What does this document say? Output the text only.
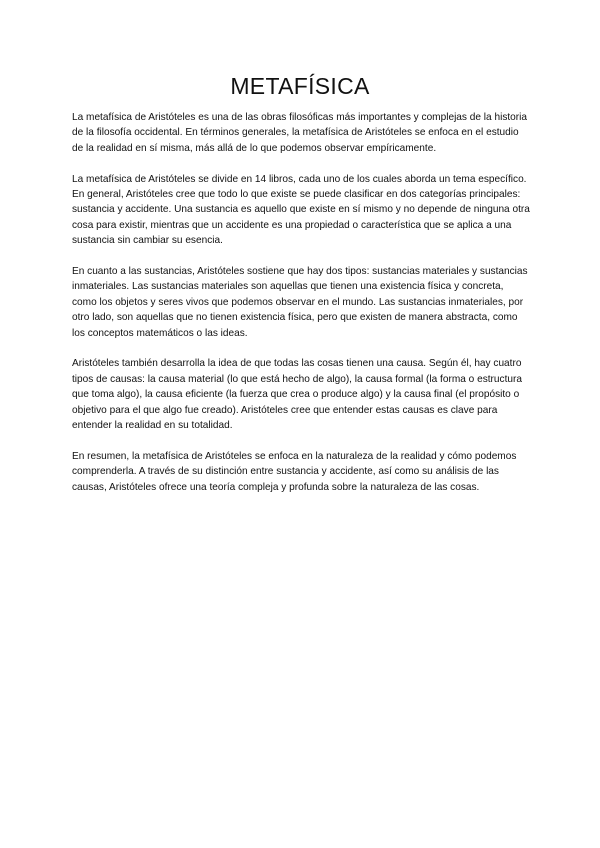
METAFÍSICA

La metafísica de Aristóteles es una de las obras filosóficas más importantes y complejas de la historia de la filosofía occidental. En términos generales, la metafísica de Aristóteles se enfoca en el estudio de la realidad en sí misma, más allá de lo que podemos observar empíricamente.

La metafísica de Aristóteles se divide en 14 libros, cada uno de los cuales aborda un tema específico. En general, Aristóteles cree que todo lo que existe se puede clasificar en dos categorías principales: sustancia y accidente. Una sustancia es aquello que existe en sí mismo y no depende de ninguna otra cosa para existir, mientras que un accidente es una propiedad o característica que se aplica a una sustancia sin cambiar su esencia.

En cuanto a las sustancias, Aristóteles sostiene que hay dos tipos: sustancias materiales y sustancias inmateriales. Las sustancias materiales son aquellas que tienen una existencia física y concreta, como los objetos y seres vivos que podemos observar en el mundo. Las sustancias inmateriales, por otro lado, son aquellas que no tienen existencia física, pero que existen de manera abstracta, como los conceptos matemáticos o las ideas.

Aristóteles también desarrolla la idea de que todas las cosas tienen una causa. Según él, hay cuatro tipos de causas: la causa material (lo que está hecho de algo), la causa formal (la forma o estructura que toma algo), la causa eficiente (la fuerza que crea o produce algo) y la causa final (el propósito o objetivo para el que algo fue creado). Aristóteles cree que entender estas causas es clave para entender la realidad en su totalidad.

En resumen, la metafísica de Aristóteles se enfoca en la naturaleza de la realidad y cómo podemos comprenderla. A través de su distinción entre sustancia y accidente, así como su análisis de las causas, Aristóteles ofrece una teoría compleja y profunda sobre la naturaleza de las cosas.
